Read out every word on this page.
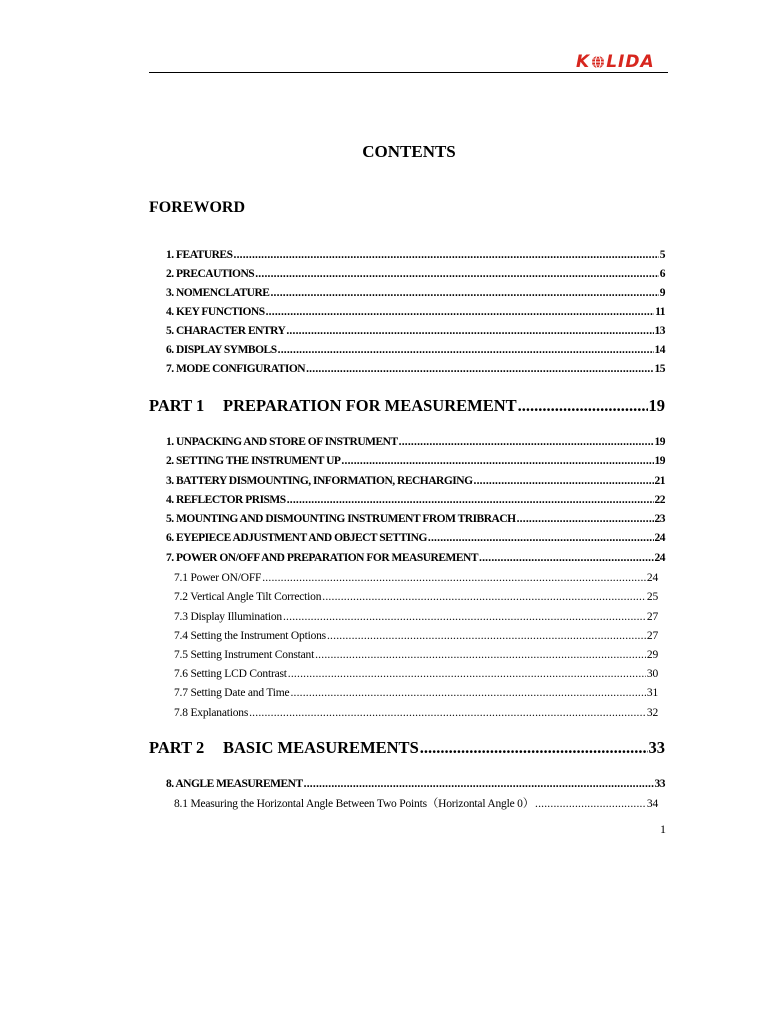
K LIDA
CONTENTS
FOREWORD
1. FEATURES .....	5
2. PRECAUTIONS .....	6
3. NOMENCLATURE .....	9
4. KEY FUNCTIONS .....	11
5. CHARACTER ENTRY .....	13
6. DISPLAY SYMBOLS .....	14
7. MODE CONFIGURATION .....	15
PART 1	PREPARATION FOR MEASUREMENT .....	19
1. UNPACKING AND STORE OF INSTRUMENT .....	19
2. SETTING THE INSTRUMENT UP .....	19
3. BATTERY DISMOUNTING, INFORMATION, RECHARGING .....	21
4. REFLECTOR PRISMS .....	22
5. MOUNTING AND DISMOUNTING INSTRUMENT FROM TRIBRACH .....	23
6. EYEPIECE ADJUSTMENT AND OBJECT SETTING .....	24
7. POWER ON/OFF AND PREPARATION FOR MEASUREMENT .....	24
7.1 Power ON/OFF .....	24
7.2 Vertical Angle Tilt Correction .....	25
7.3 Display Illumination .....	27
7.4 Setting the Instrument Options .....	27
7.5 Setting Instrument Constant .....	29
7.6 Setting LCD Contrast .....	30
7.7 Setting Date and Time .....	31
7.8 Explanations .....	32
PART 2	BASIC MEASUREMENTS .....	33
8. ANGLE MEASUREMENT .....	33
8.1 Measuring the Horizontal Angle Between Two Points（Horizontal Angle 0） .....	34
1
